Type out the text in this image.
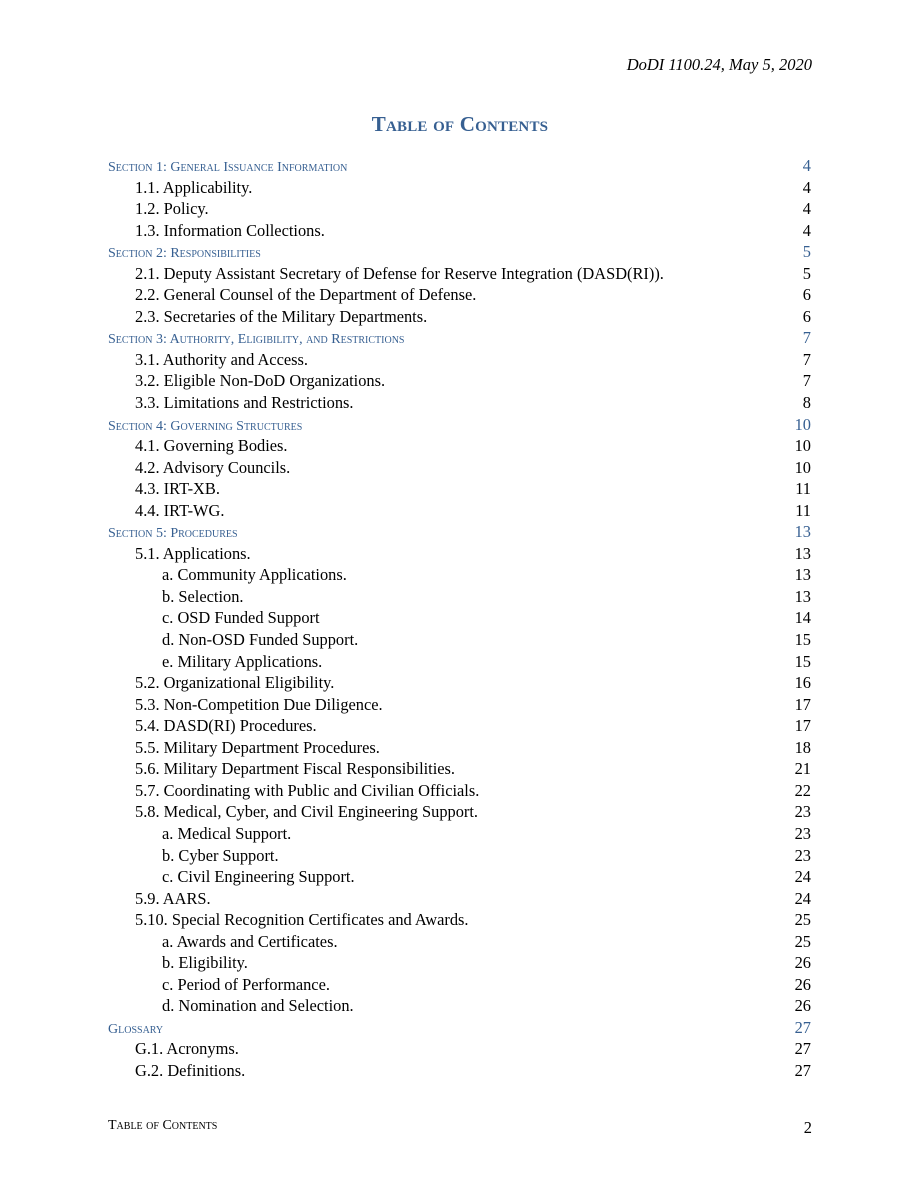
DoDI 1100.24, May 5, 2020
Table of Contents
Section 1: General Issuance Information	4
1.1. Applicability.	4
1.2. Policy.	4
1.3. Information Collections.	4
Section 2: Responsibilities	5
2.1. Deputy Assistant Secretary of Defense for Reserve Integration (DASD(RI)).	5
2.2. General Counsel of the Department of Defense.	6
2.3. Secretaries of the Military Departments.	6
Section 3: Authority, Eligibility, and Restrictions	7
3.1. Authority and Access.	7
3.2. Eligible Non-DoD Organizations.	7
3.3. Limitations and Restrictions.	8
Section 4: Governing Structures	10
4.1. Governing Bodies.	10
4.2. Advisory Councils.	10
4.3. IRT-XB.	11
4.4. IRT-WG.	11
Section 5: Procedures	13
5.1. Applications.	13
a. Community Applications.	13
b. Selection.	13
c. OSD Funded Support	14
d. Non-OSD Funded Support.	15
e. Military Applications.	15
5.2. Organizational Eligibility.	16
5.3. Non-Competition Due Diligence.	17
5.4. DASD(RI) Procedures.	17
5.5. Military Department Procedures.	18
5.6. Military Department Fiscal Responsibilities.	21
5.7. Coordinating with Public and Civilian Officials.	22
5.8. Medical, Cyber, and Civil Engineering Support.	23
a. Medical Support.	23
b. Cyber Support.	23
c. Civil Engineering Support.	24
5.9. AARS.	24
5.10. Special Recognition Certificates and Awards.	25
a. Awards and Certificates.	25
b. Eligibility.	26
c. Period of Performance.	26
d. Nomination and Selection.	26
Glossary	27
G.1. Acronyms.	27
G.2. Definitions.	27
Table of Contents	2
